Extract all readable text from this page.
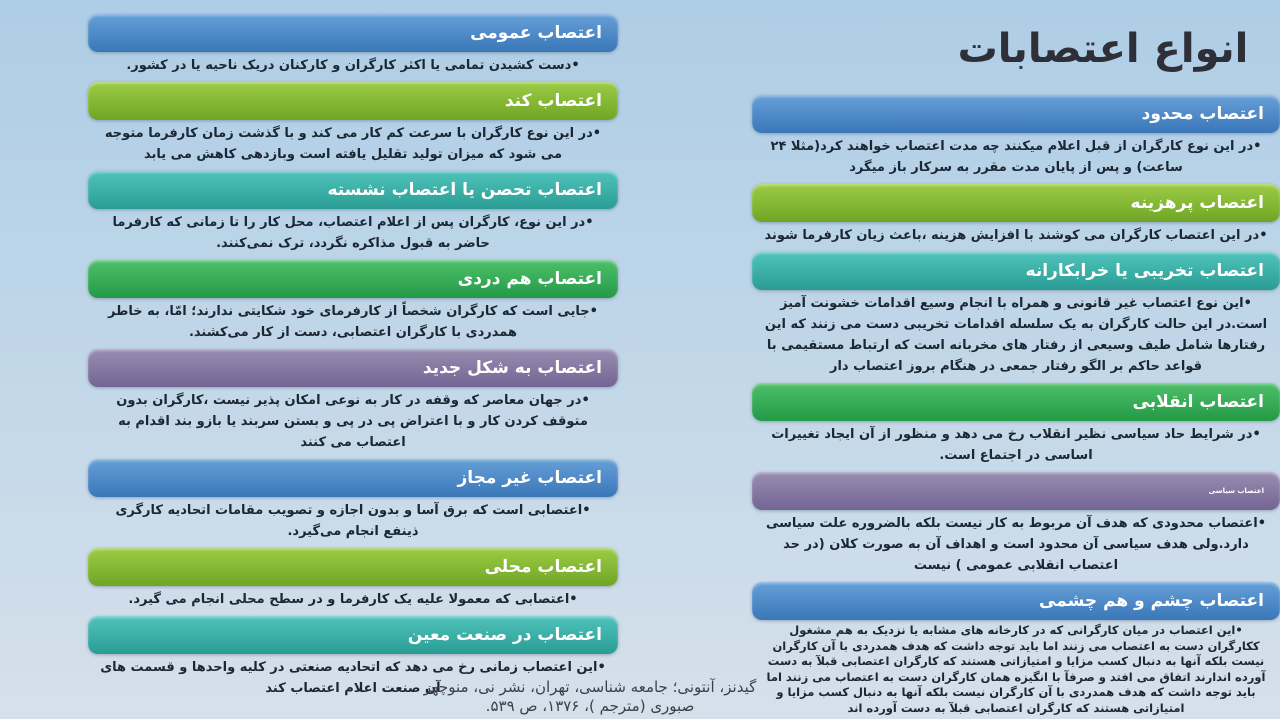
انواع اعتصابات
اعتصاب عمومی
•دست کشیدن تمامی یا اکثر کارگران و کارکنان دریک ناحیه یا در کشور.
اعتصاب کند
•در این نوع کارگران با سرعت کم کار می کند و با گذشت زمان کارفرما متوجه می شود که میزان تولید تقلیل یافته است وبازدهی کاهش می یابد
اعتصاب تحصن یا اعتصاب نشسته
•در این نوع، کارگران پس از اعلام اعتصاب، محل کار را تا زمانی که کارفرما حاضر به قبول مذاکره نگردد، ترک نمی‌کنند.
اعتصاب هم دردی
•جایی است که کارگران شخصاً از کارفرمای خود شکایتی ندارند؛ امّا، به خاطر همدردی با کارگران اعتصابی، دست از کار می‌کشند.
اعتصاب به شکل جدید
•در جهان معاصر که وقفه در کار به نوعی امکان پذیر نیست ،کارگران بدون متوقف کردن کار و با اعتراض پی در پی و بستن سربند یا بازو بند اقدام به اعتصاب می کنند
اعتصاب غیر مجاز
•اعتصابی است که برق آسا و بدون اجازه و تصویب مقامات اتحادیه کارگری ذینفع انجام می‌گیرد.
اعتصاب محلی
•اعتصابی که معمولا علیه یک کارفرما و در سطح محلی انجام می گیرد.
اعتصاب در صنعت معین
•این اعتصاب زمانی رخ می دهد که اتحادیه صنعتی در کلیه واحدها و قسمت های آن صنعت اعلام اعتصاب کند
اعتصاب محدود
•در این نوع کارگران از قبل اعلام میکنند چه مدت اعتصاب خواهند کرد(مثلا ۲۴ ساعت) و پس از پایان مدت مقرر به سرکار باز میگرد
اعتصاب پرهزینه
•در این اعتصاب کارگران می کوشند با افزایش هزینه ،باعث زیان کارفرما شوند
اعتصاب تخریبی یا خرابکارانه
•این نوع اعتصاب غیر قانونی و همراه با انجام وسیع اقدامات خشونت آمیز است.در این حالت کارگران به یک سلسله اقدامات تخریبی دست می زنند که این رفتارها شامل طیف وسیعی از رفتار های مخربانه است که ارتباط مستقیمی با قواعد حاکم بر الگو رفتار جمعی در هنگام بروز اعتصاب دار
اعتصاب انقلابی
•در شرایط حاد سیاسی نظیر انقلاب رخ می دهد و منظور از آن ایجاد تغییرات اساسی در اجتماع است.
اعتصاب سیاسی
•اعتصاب محدودی که هدف آن مربوط به کار نیست بلکه بالضروره علت سیاسی دارد.ولی هدف سیاسی آن محدود است و اهداف آن به صورت کلان (در حد اعتصاب انقلابی عمومی ) نیست
اعتصاب چشم و هم چشمی
•این اعتصاب در میان کارگرانی که در کارخانه های مشابه یا نزدیک به هم مشغول ککارگران دست به اعتصاب می زنند اما باید توجه داشت که هدف همدردی با آن کارگران نیست بلکه آنها به دنبال کسب مزایا و امتیازاتی هستند که کارگران اعتصابی قبلآ به دست آورده اندارند اتفاق می افتد و صرفآ با انگیزه همان کارگران دست به اعتصاب می زنند اما باید توجه داشت که هدف همدردی با آن کارگران نیست بلکه آنها به دنبال کسب مزایا و امتیازاتی هستند که کارگران اعتصابی قبلآ به دست آورده اند
گیدنز، آنتونی؛ جامعه شناسی، تهران، نشر نی، منوچهر
صبوری (مترجم )، ۱۳۷۶، ص ۵۳۹.
